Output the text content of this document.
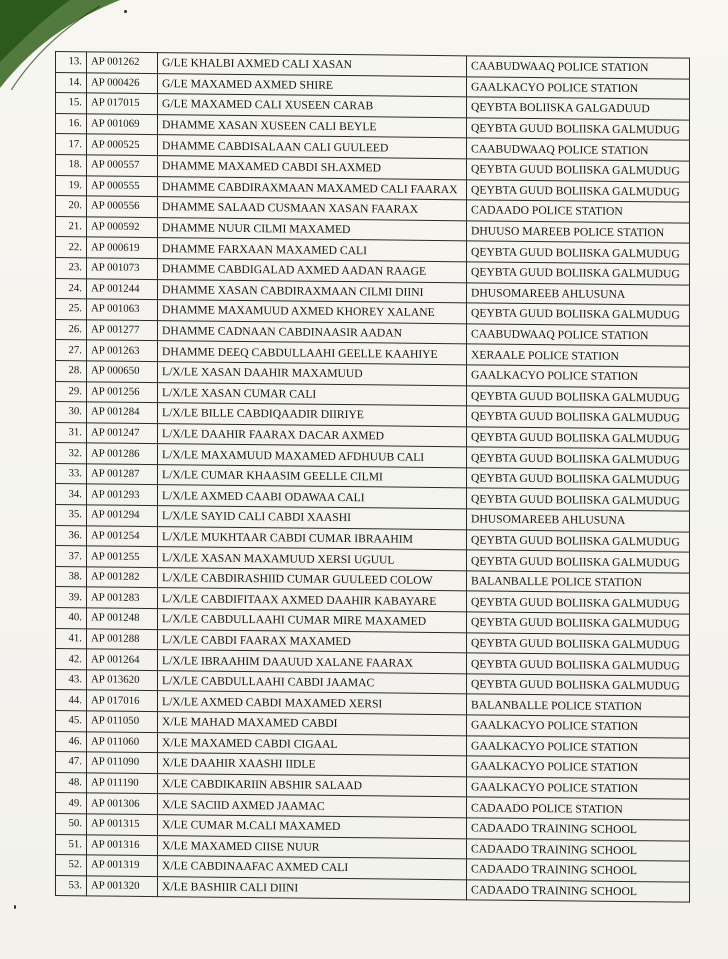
13.	AP 001262	G/LE KHALBI AXMED CALI XASAN	CAABUDWAAQ POLICE STATION
14.	AP 000426	G/LE MAXAMED AXMED SHIRE	GAALKACYO POLICE STATION
15.	AP 017015	G/LE MAXAMED CALI XUSEEN CARAB	QEYBTA BOLIISKA GALGADUUD
16.	AP 001069	DHAMME XASAN XUSEEN CALI BEYLE	QEYBTA GUUD BOLIISKA GALMUDUG
17.	AP 000525	DHAMME CABDISALAAN CALI GUULEED	CAABUDWAAQ POLICE STATION
18.	AP 000557	DHAMME MAXAMED CABDI SH.AXMED	QEYBTA GUUD BOLIISKA GALMUDUG
19.	AP 000555	DHAMME CABDIRAXMAAN MAXAMED CALI FAARAX	QEYBTA GUUD BOLIISKA GALMUDUG
20.	AP 000556	DHAMME SALAAD CUSMAAN XASAN FAARAX	CADAADO POLICE STATION
21.	AP 000592	DHAMME NUUR CILMI MAXAMED	DHUUSO MAREEB POLICE STATION
22.	AP 000619	DHAMME FARXAAN MAXAMED CALI	QEYBTA GUUD BOLIISKA GALMUDUG
23.	AP 001073	DHAMME CABDIGALAD AXMED AADAN RAAGE	QEYBTA GUUD BOLIISKA GALMUDUG
24.	AP 001244	DHAMME XASAN CABDIRAXMAAN CILMI DIINI	DHUSOMAREEB AHLUSUNA
25.	AP 001063	DHAMME MAXAMUUD AXMED KHOREY XALANE	QEYBTA GUUD BOLIISKA GALMUDUG
26.	AP 001277	DHAMME CADNAAN CABDINAASIR AADAN	CAABUDWAAQ POLICE STATION
27.	AP 001263	DHAMME DEEQ CABDULLAAHI GEELLE KAAHIYE	XERAALE POLICE STATION
28.	AP 000650	L/X/LE XASAN DAAHIR MAXAMUUD	GAALKACYO POLICE STATION
29.	AP 001256	L/X/LE XASAN CUMAR CALI	QEYBTA GUUD BOLIISKA GALMUDUG
30.	AP 001284	L/X/LE BILLE CABDIQAADIR DIIRIYE	QEYBTA GUUD BOLIISKA GALMUDUG
31.	AP 001247	L/X/LE DAAHIR FAARAX DACAR AXMED	QEYBTA GUUD BOLIISKA GALMUDUG
32.	AP 001286	L/X/LE MAXAMUUD MAXAMED AFDHUUB CALI	QEYBTA GUUD BOLIISKA GALMUDUG
33.	AP 001287	L/X/LE CUMAR KHAASIM GEELLE CILMI	QEYBTA GUUD BOLIISKA GALMUDUG
34.	AP 001293	L/X/LE AXMED CAABI ODAWAA CALI	QEYBTA GUUD BOLIISKA GALMUDUG
35.	AP 001294	L/X/LE SAYID CALI CABDI XAASHI	DHUSOMAREEB AHLUSUNA
36.	AP 001254	L/X/LE MUKHTAAR CABDI CUMAR IBRAAHIM	QEYBTA GUUD BOLIISKA GALMUDUG
37.	AP 001255	L/X/LE XASAN MAXAMUUD XERSI UGUUL	QEYBTA GUUD BOLIISKA GALMUDUG
38.	AP 001282	L/X/LE CABDIRASHIID CUMAR GUULEED COLOW	BALANBALLE POLICE STATION
39.	AP 001283	L/X/LE CABDIFITAAX AXMED DAAHIR KABAYARE	QEYBTA GUUD BOLIISKA GALMUDUG
40.	AP 001248	L/X/LE CABDULLAAHI CUMAR MIRE MAXAMED	QEYBTA GUUD BOLIISKA GALMUDUG
41.	AP 001288	L/X/LE CABDI FAARAX MAXAMED	QEYBTA GUUD BOLIISKA GALMUDUG
42.	AP 001264	L/X/LE IBRAAHIM DAAUUD XALANE FAARAX	QEYBTA GUUD BOLIISKA GALMUDUG
43.	AP 013620	L/X/LE CABDULLAAHI CABDI JAAMAC	QEYBTA GUUD BOLIISKA GALMUDUG
44.	AP 017016	L/X/LE AXMED CABDI MAXAMED XERSI	BALANBALLE POLICE STATION
45.	AP 011050	X/LE MAHAD MAXAMED CABDI	GAALKACYO POLICE STATION
46.	AP 011060	X/LE MAXAMED CABDI CIGAAL	GAALKACYO POLICE STATION
47.	AP 011090	X/LE DAAHIR XAASHI IIDLE	GAALKACYO POLICE STATION
48.	AP 011190	X/LE CABDIKARIIN ABSHIR SALAAD	GAALKACYO POLICE STATION
49.	AP 001306	X/LE SACIID AXMED JAAMAC	CADAADO POLICE STATION
50.	AP 001315	X/LE CUMAR M.CALI MAXAMED	CADAADO TRAINING SCHOOL
51.	AP 001316	X/LE MAXAMED CIISE NUUR	CADAADO TRAINING SCHOOL
52.	AP 001319	X/LE CABDINAAFAC AXMED CALI	CADAADO TRAINING SCHOOL
53.	AP 001320	X/LE BASHIIR CALI DIINI	CADAADO TRAINING SCHOOL
